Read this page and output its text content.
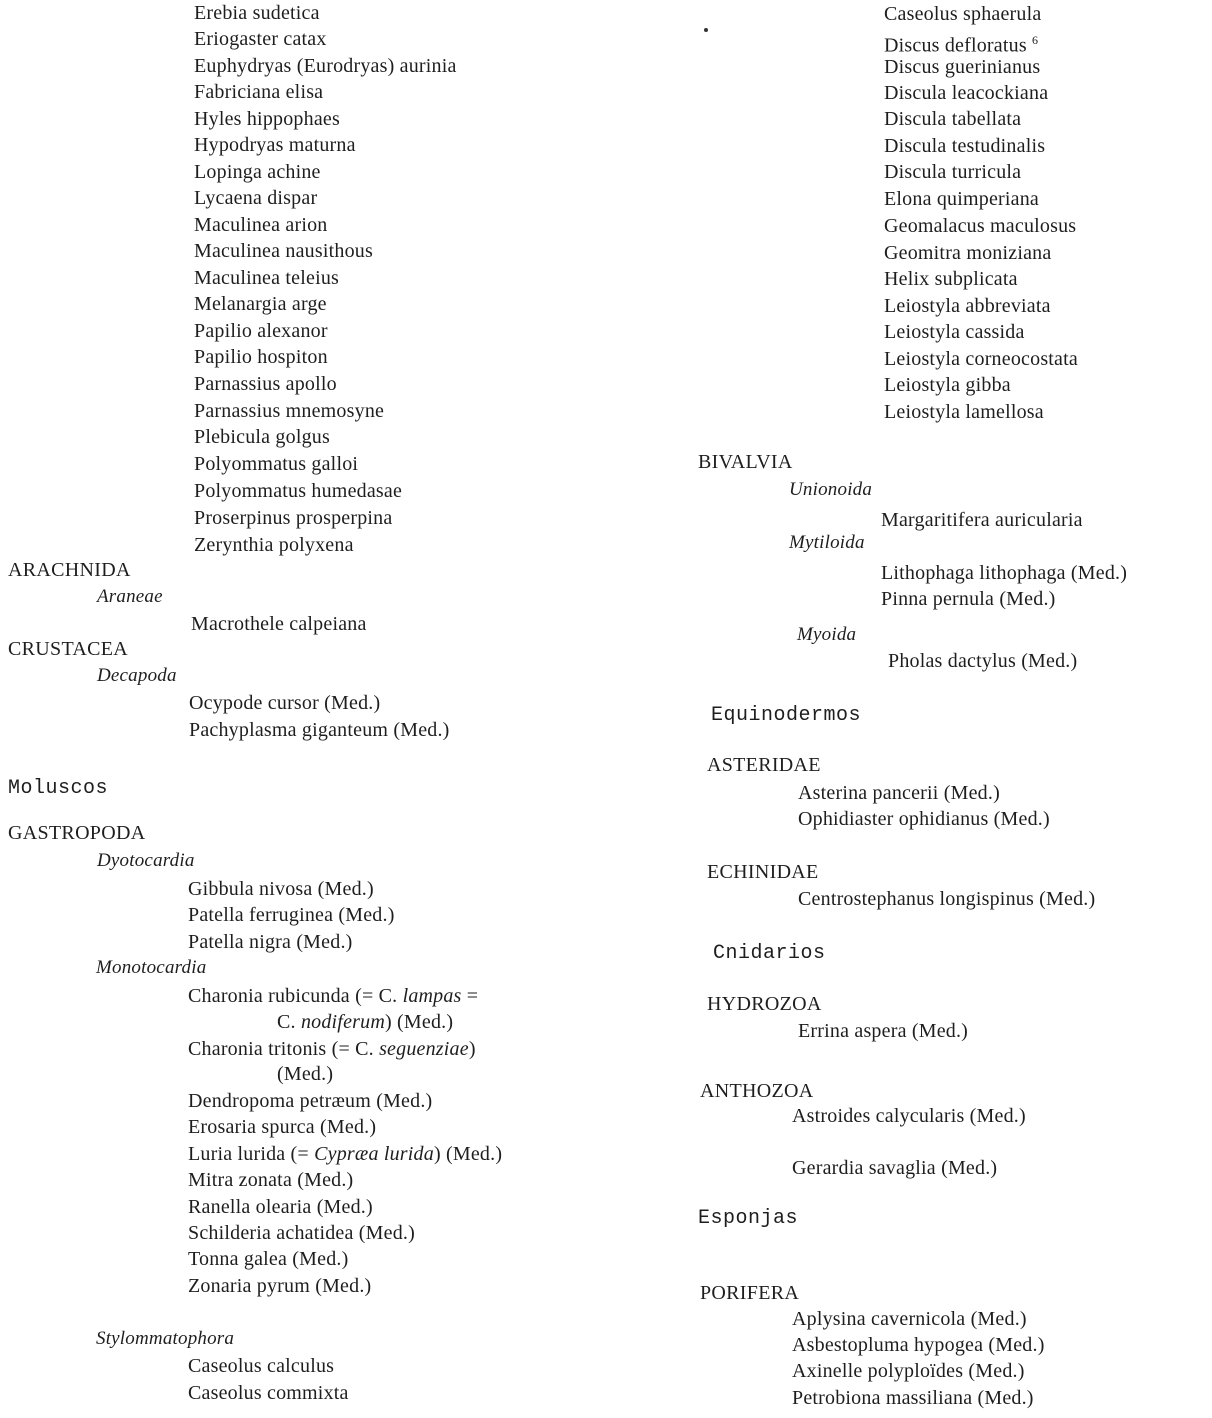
Erebia sudetica
Eriogaster catax
Euphydryas (Eurodryas) aurinia
Fabriciana elisa
Hyles hippophaes
Hypodryas maturna
Lopinga achine
Lycaena dispar
Maculinea arion
Maculinea nausithous
Maculinea teleius
Melanargia arge
Papilio alexanor
Papilio hospiton
Parnassius apollo
Parnassius mnemosyne
Plebicula golgus
Polyommatus galloi
Polyommatus humedasae
Proserpinus prosperpina
Zerynthia polyxena
ARACHNIDA
Araneae
Macrothele calpeiana
CRUSTACEA
Decapoda
Ocypode cursor (Med.)
Pachyplasma giganteum (Med.)
Moluscos
GASTROPODA
Dyotocardia
Gibbula nivosa (Med.)
Patella ferruginea (Med.)
Patella nigra (Med.)
Monotocardia
Charonia rubicunda (= C. lampas =
C. nodiferum) (Med.)
Charonia tritonis (= C. seguenziae)
(Med.)
Dendropoma petræum (Med.)
Erosaria spurca (Med.)
Luria lurida (= Cypræa lurida) (Med.)
Mitra zonata (Med.)
Ranella olearia (Med.)
Schilderia achatidea (Med.)
Tonna galea (Med.)
Zonaria pyrum (Med.)
Stylommatophora
Caseolus calculus
Caseolus commixta
Caseolus sphaerula
Discus defloratus $^6$
Discus guerinianus
Discula leacockiana
Discula tabellata
Discula testudinalis
Discula turricula
Elona quimperiana
Geomalacus maculosus
Geomitra moniziana
Helix subplicata
Leiostyla abbreviata
Leiostyla cassida
Leiostyla corneocostata
Leiostyla gibba
Leiostyla lamellosa
BIVALVIA
Unionoida
Margaritifera auricularia
Mytiloida
Lithophaga lithophaga (Med.)
Pinna pernula (Med.)
Myoida
Pholas dactylus (Med.)
Equinodermos
ASTERIDAE
Asterina pancerii (Med.)
Ophidiaster ophidianus (Med.)
ECHINIDAE
Centrostephanus longispinus (Med.)
Cnidarios
HYDROZOA
Errina aspera (Med.)
ANTHOZOA
Astroides calycularis (Med.)
Gerardia savaglia (Med.)
Esponjas
PORIFERA
Aplysina cavernicola (Med.)
Asbestopluma hypogea (Med.)
Axinelle polyploïdes (Med.)
Petrobiona massiliana (Med.)
